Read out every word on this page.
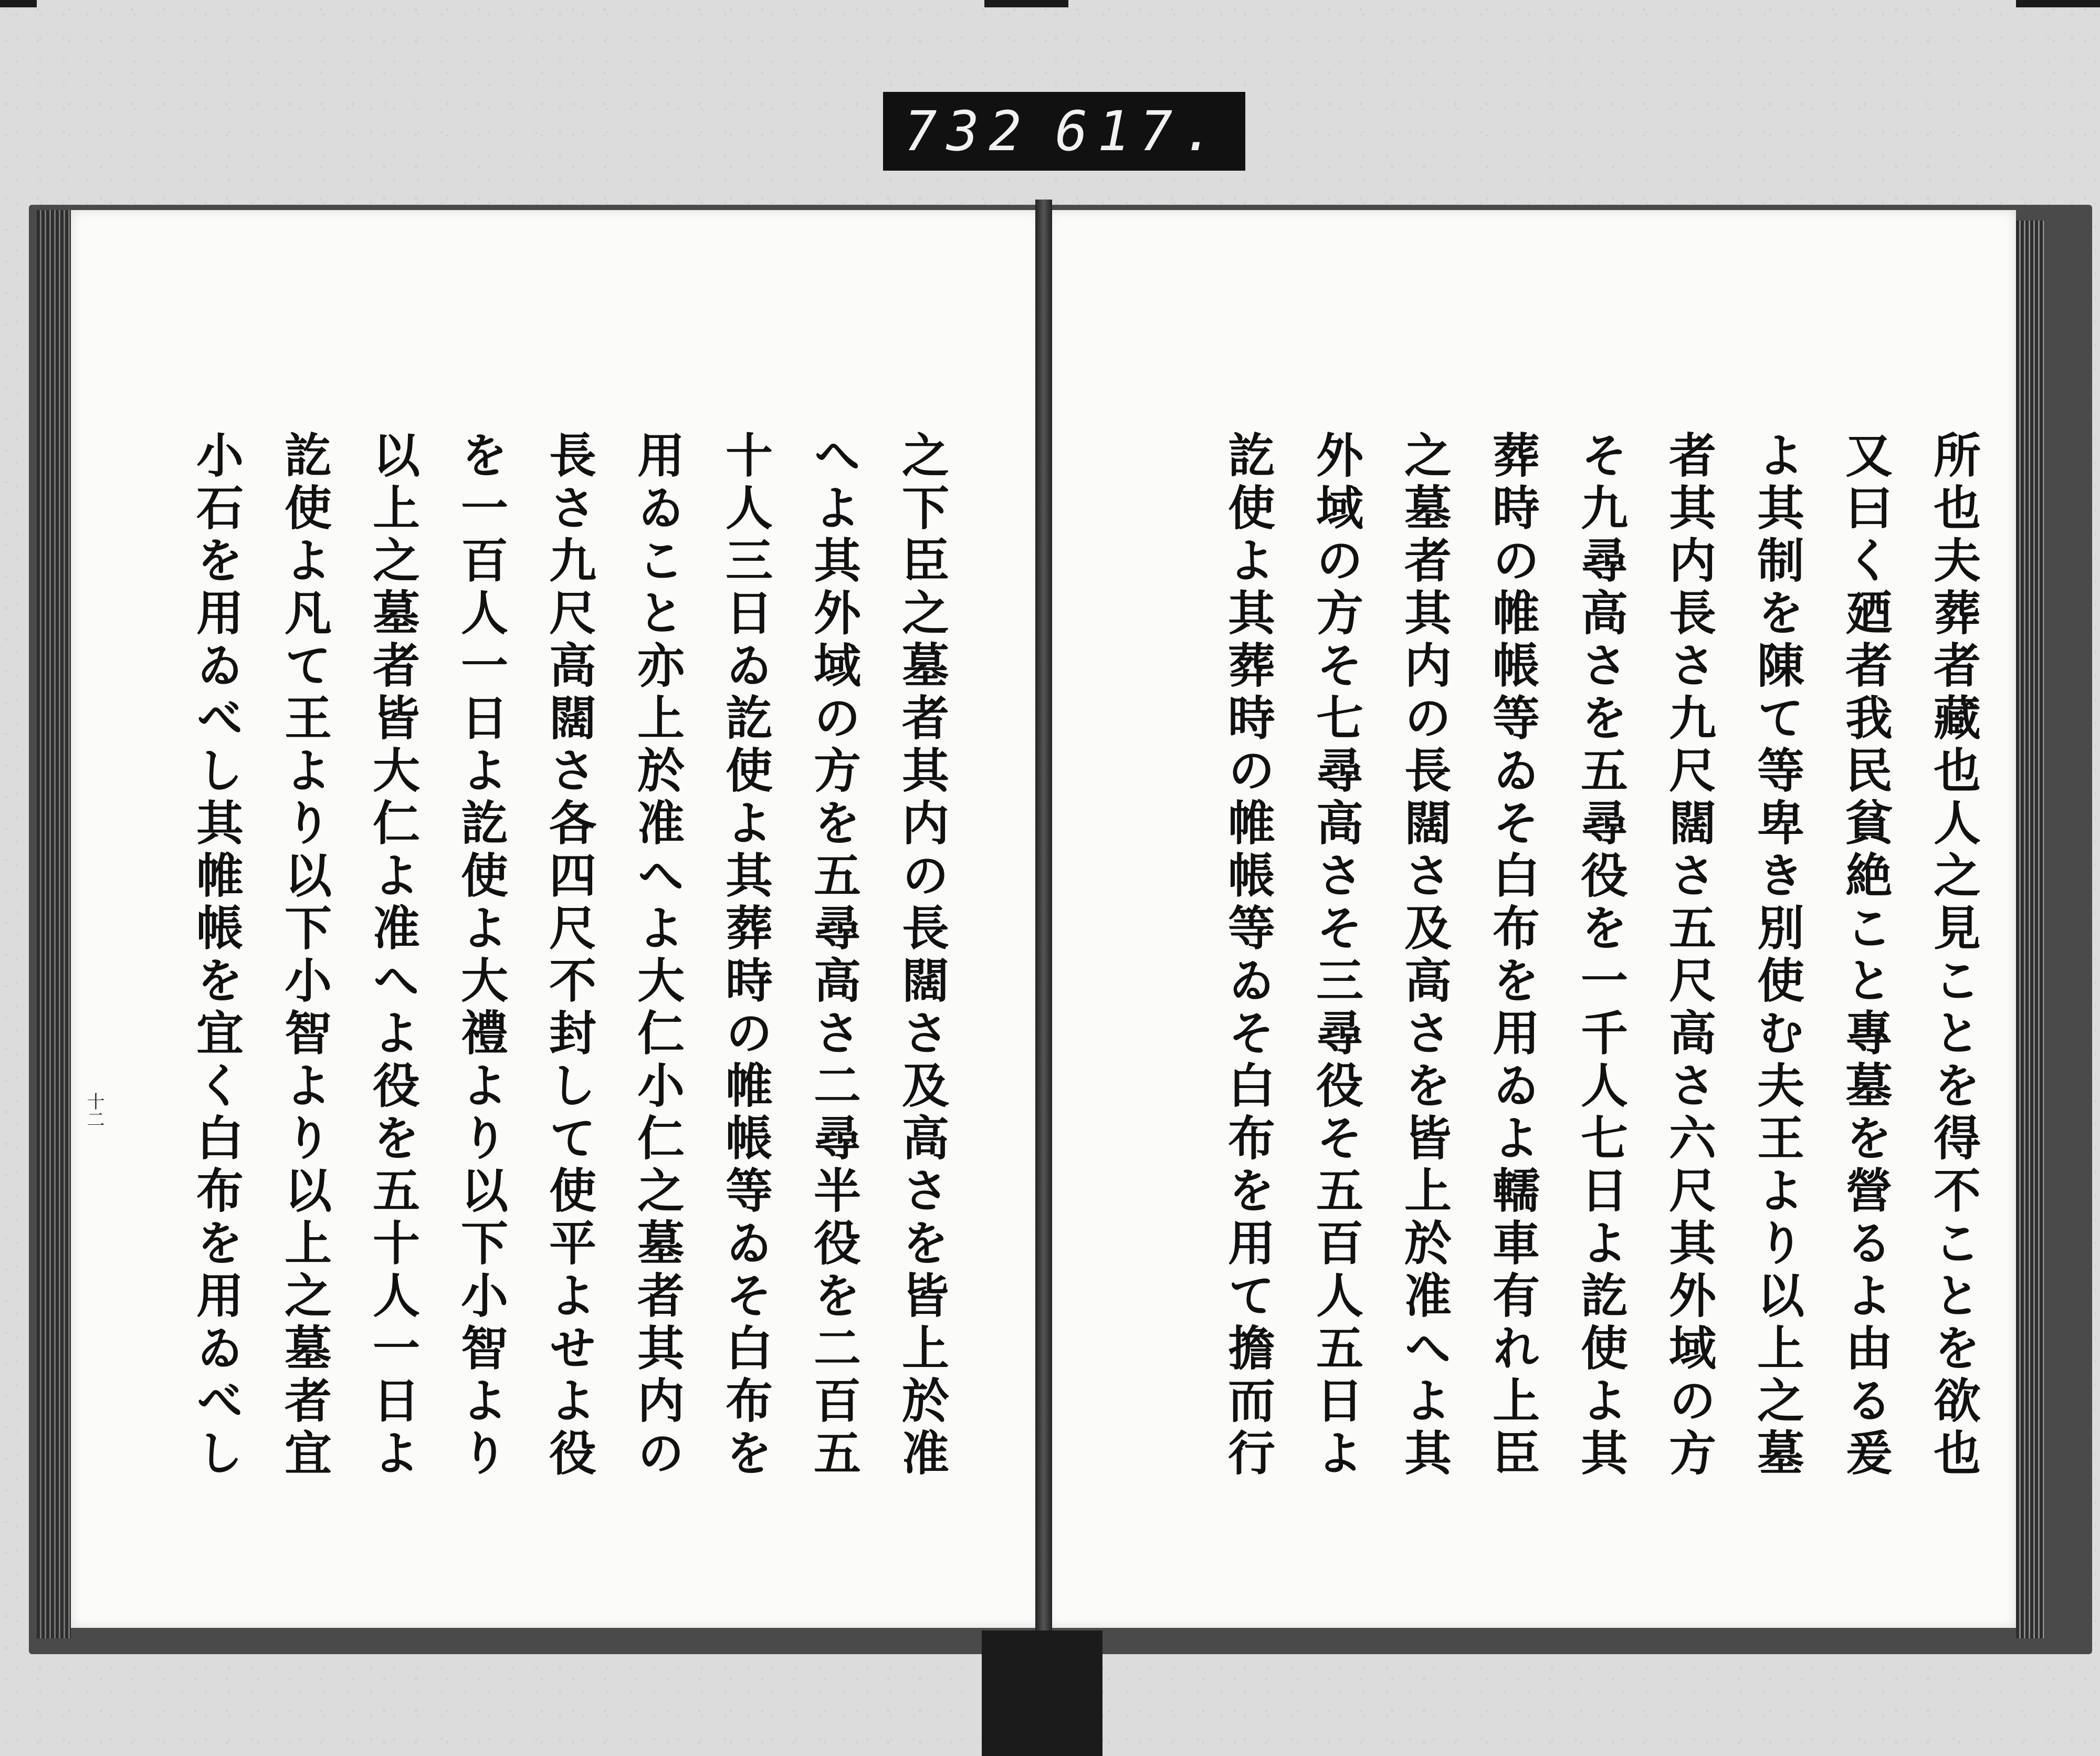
732 617.
所也夫葬者藏也人之見ことを得不ことを欲也
又曰く廼者我民貧絶こと專墓を營るよ由る爰
よ其制を陳て等卑き別使む夫王より以上之墓
者其内長さ九尺闊さ五尺高さ六尺其外域の方
そ九尋高さを五尋役を一千人七日よ訖使よ其
葬時の帷帳等ゐそ白布を用ゐよ轜車有れ上臣
之墓者其内の長闊さ及高さを皆上於准へよ其
外域の方そ七尋高さそ三尋役そ五百人五日よ
訖使よ其葬時の帷帳等ゐそ白布を用て擔而行
之下臣之墓者其内の長闊さ及高さを皆上於准
へよ其外域の方を五尋高さ二尋半役を二百五
十人三日ゐ訖使よ其葬時の帷帳等ゐそ白布を
用ゐこと亦上於准へよ大仁小仁之墓者其内の
長さ九尺高闊さ各四尺不封して使平よせよ役
を一百人一日よ訖使よ大禮より以下小智より
以上之墓者皆大仁よ准へよ役を五十人一日よ
訖使よ凡て王より以下小智より以上之墓者宜
小石を用ゐべし其帷帳を宜く白布を用ゐべし
十二
